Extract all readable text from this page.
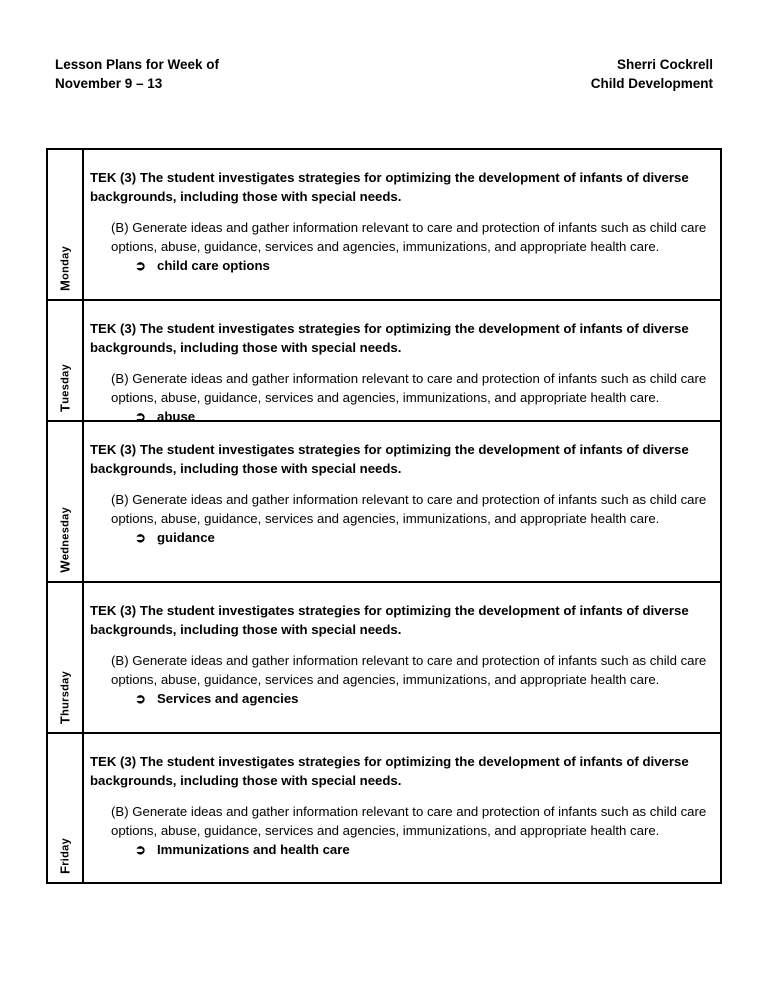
Lesson Plans for Week of
November 9 – 13
Sherri Cockrell
Child Development
Monday

TEK (3) The student investigates strategies for optimizing the development of infants of diverse backgrounds, including those with special needs.

(B) Generate ideas and gather information relevant to care and protection of infants such as child care options, abuse, guidance, services and agencies, immunizations, and appropriate health care.

➲ child care options
Tuesday

TEK (3) The student investigates strategies for optimizing the development of infants of diverse backgrounds, including those with special needs.

(B) Generate ideas and gather information relevant to care and protection of infants such as child care options, abuse, guidance, services and agencies, immunizations, and appropriate health care.

➲ abuse
Wednesday

TEK (3) The student investigates strategies for optimizing the development of infants of diverse backgrounds, including those with special needs.

(B) Generate ideas and gather information relevant to care and protection of infants such as child care options, abuse, guidance, services and agencies, immunizations, and appropriate health care.

➲ guidance
Thursday

TEK (3) The student investigates strategies for optimizing the development of infants of diverse backgrounds, including those with special needs.

(B) Generate ideas and gather information relevant to care and protection of infants such as child care options, abuse, guidance, services and agencies, immunizations, and appropriate health care.

➲ Services and agencies
Friday

TEK (3) The student investigates strategies for optimizing the development of infants of diverse backgrounds, including those with special needs.

(B) Generate ideas and gather information relevant to care and protection of infants such as child care options, abuse, guidance, services and agencies, immunizations, and appropriate health care.

➲ Immunizations and health care
